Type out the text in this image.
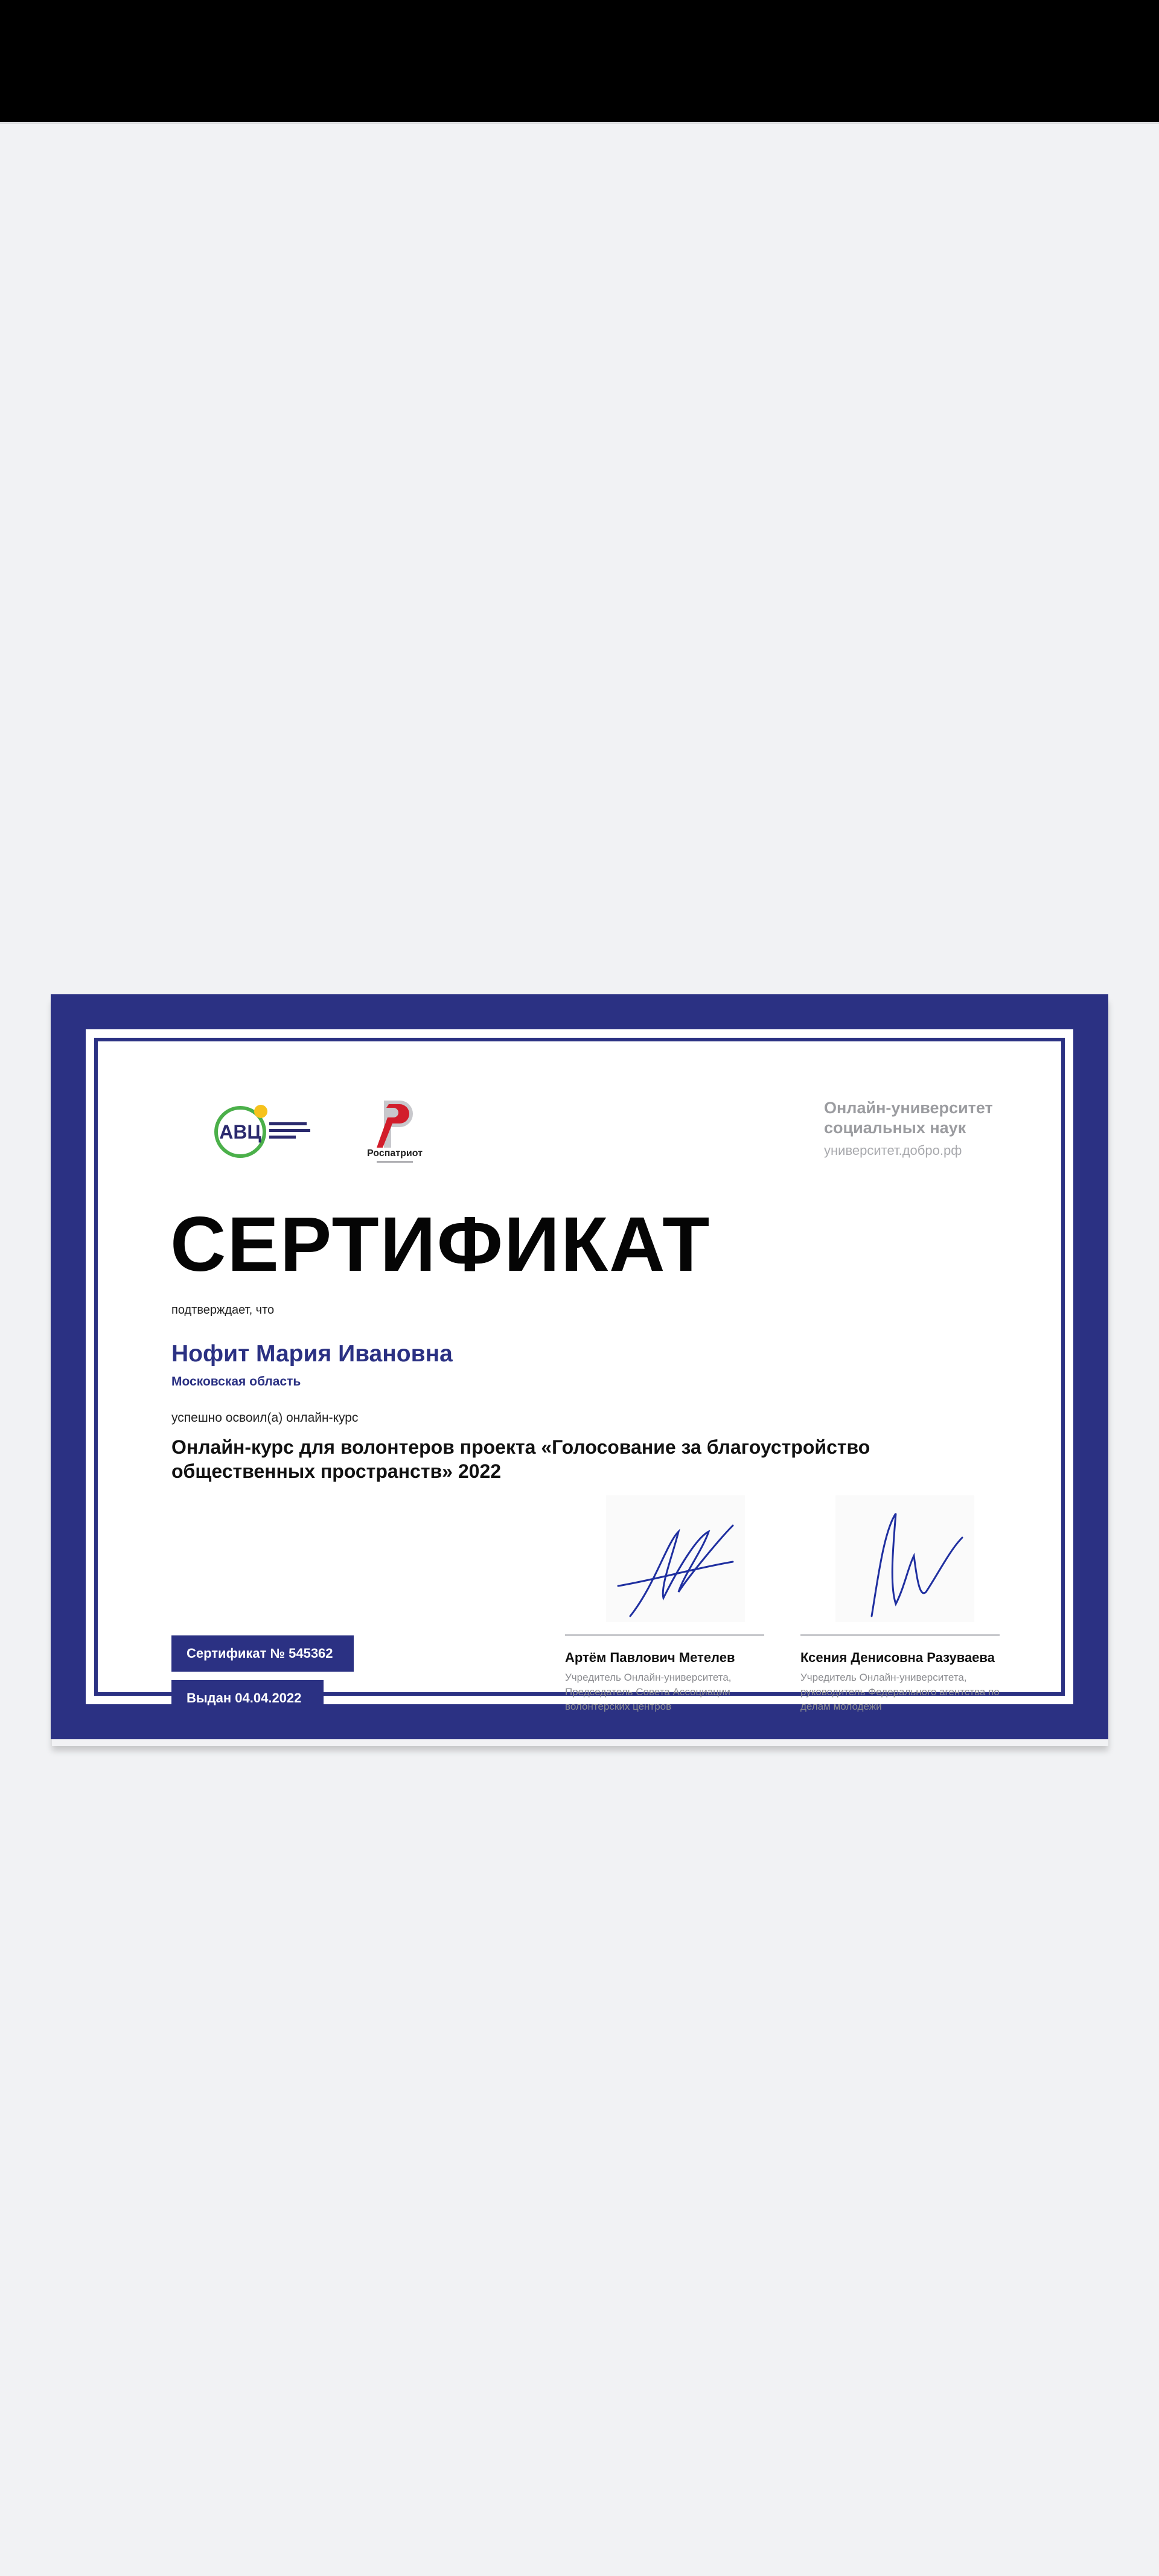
АВЦ
Роспатриот
Онлайн-университет социальных наук
университет.добро.рф
СЕРТИФИКАТ
подтверждает, что
Нофит Мария Ивановна
Московская область
успешно освоил(а) онлайн-курс
Онлайн-курс для волонтеров проекта «Голосование за благоустройство общественных пространств» 2022
Артём Павлович Метелев
Учредитель Онлайн-университета, Председатель Совета Ассоциации волонтерских центров
Ксения Денисовна Разуваева
Учредитель Онлайн-университета, руководитель Федерального агентства по делам молодежи
Сертификат № 545362
Выдан 04.04.2022
